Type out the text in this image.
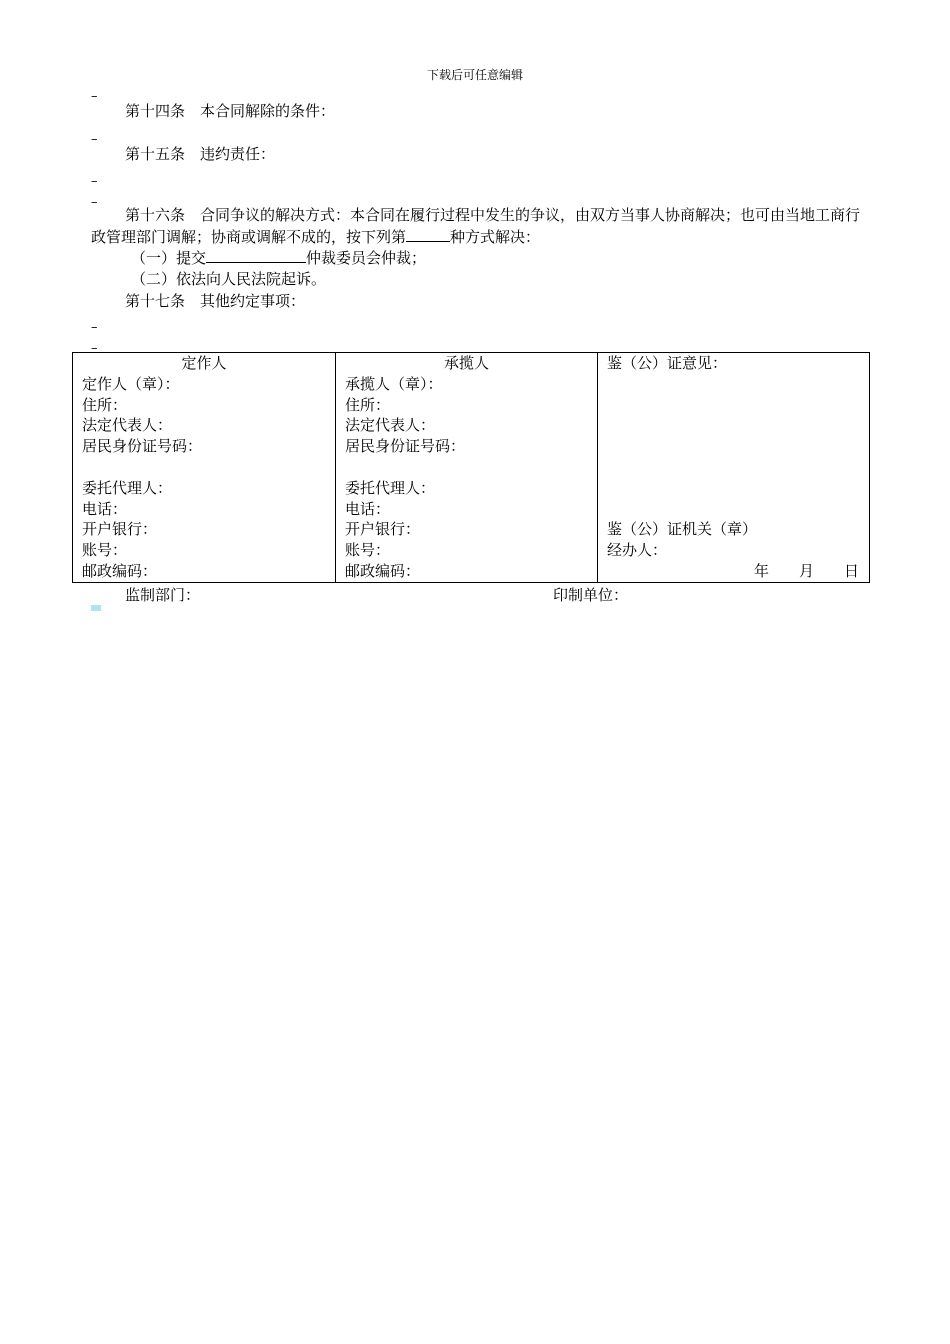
下载后可任意编辑
–
第十四条　本合同解除的条件：
–
第十五条　违约责任：
–
–
第十六条　合同争议的解决方式：本合同在履行过程中发生的争议，由双方当事人协商解决；也可由当地工商行政管理部门调解；协商或调解不成的，按下列第	种方式解决：
（一）提交	仲裁委员会仲裁；
（二）依法向人民法院起诉。
第十七条　其他约定事项：
–
–
定作人
定作人（章）：
住所：
法定代表人：
居民身份证号码：
委托代理人：
电话：
开户银行：
账号：
邮政编码：

承揽人
承揽人（章）：
住所：
法定代表人：
居民身份证号码：
委托代理人：
电话：
开户银行：
账号：
邮政编码：

鉴（公）证意见：
鉴（公）证机关（章）
经办人：
年　　月　　日
监制部门：	印制单位：
